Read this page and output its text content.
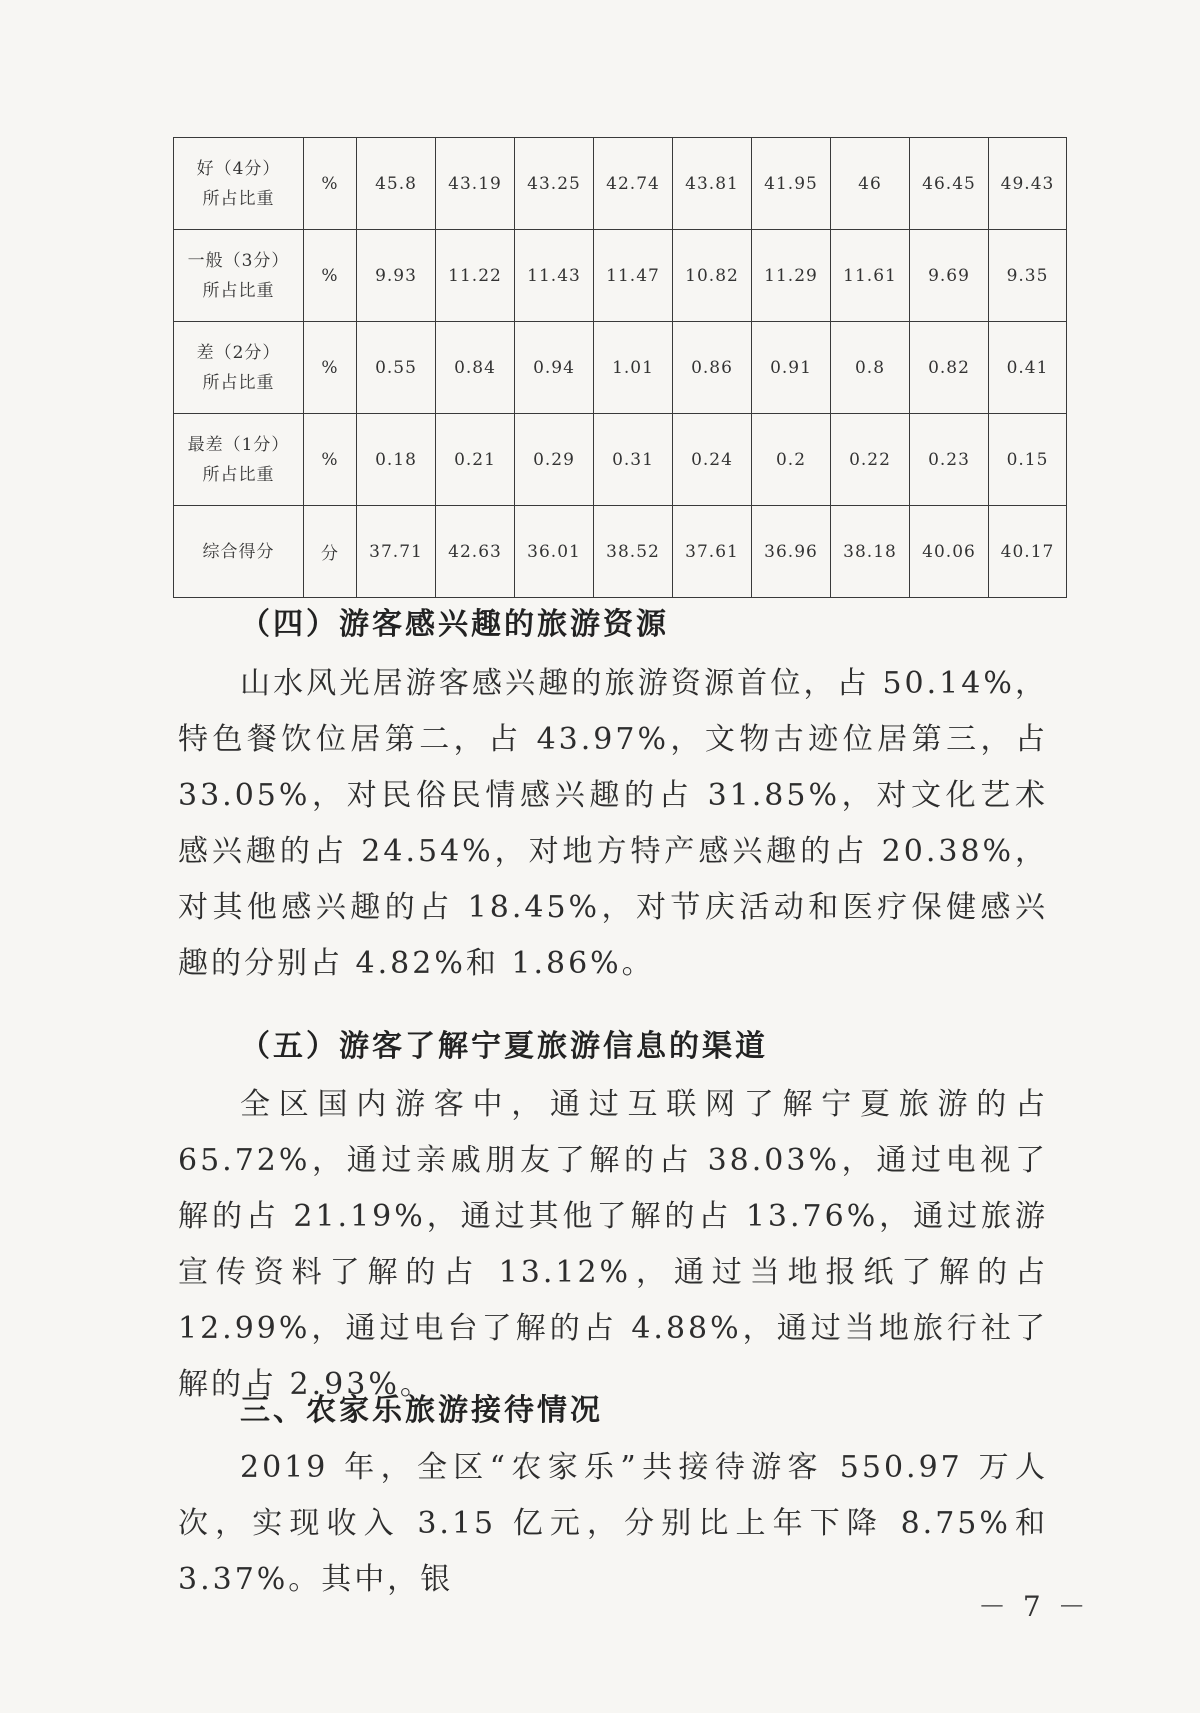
好（4分）
所占比重	%	45.8	43.19	43.25	42.74	43.81	41.95	46	46.45	49.43

一般（3分）
所占比重	%	9.93	11.22	11.43	11.47	10.82	11.29	11.61	9.69	9.35

差（2分）
所占比重	%	0.55	0.84	0.94	1.01	0.86	0.91	0.8	0.82	0.41

最差（1分）
所占比重	%	0.18	0.21	0.29	0.31	0.24	0.2	0.22	0.23	0.15

综合得分	分	37.71	42.63	36.01	38.52	37.61	36.96	38.18	40.06	40.17
（四）游客感兴趣的旅游资源
山水风光居游客感兴趣的旅游资源首位，占 50.14%，特色餐饮位居第二，占 43.97%，文物古迹位居第三，占 33.05%，对民俗民情感兴趣的占 31.85%，对文化艺术感兴趣的占 24.54%，对地方特产感兴趣的占 20.38%，对其他感兴趣的占 18.45%，对节庆活动和医疗保健感兴趣的分别占 4.82%和 1.86%。
（五）游客了解宁夏旅游信息的渠道
全区国内游客中，通过互联网了解宁夏旅游的占 65.72%，通过亲戚朋友了解的占 38.03%，通过电视了解的占 21.19%，通过其他了解的占 13.76%，通过旅游宣传资料了解的占 13.12%，通过当地报纸了解的占 12.99%，通过电台了解的占 4.88%，通过当地旅行社了解的占 2.93%。
三、农家乐旅游接待情况
2019 年，全区“农家乐”共接待游客 550.97 万人次，实现收入 3.15 亿元，分别比上年下降 8.75%和 3.37%。其中，银
－ 7 －
